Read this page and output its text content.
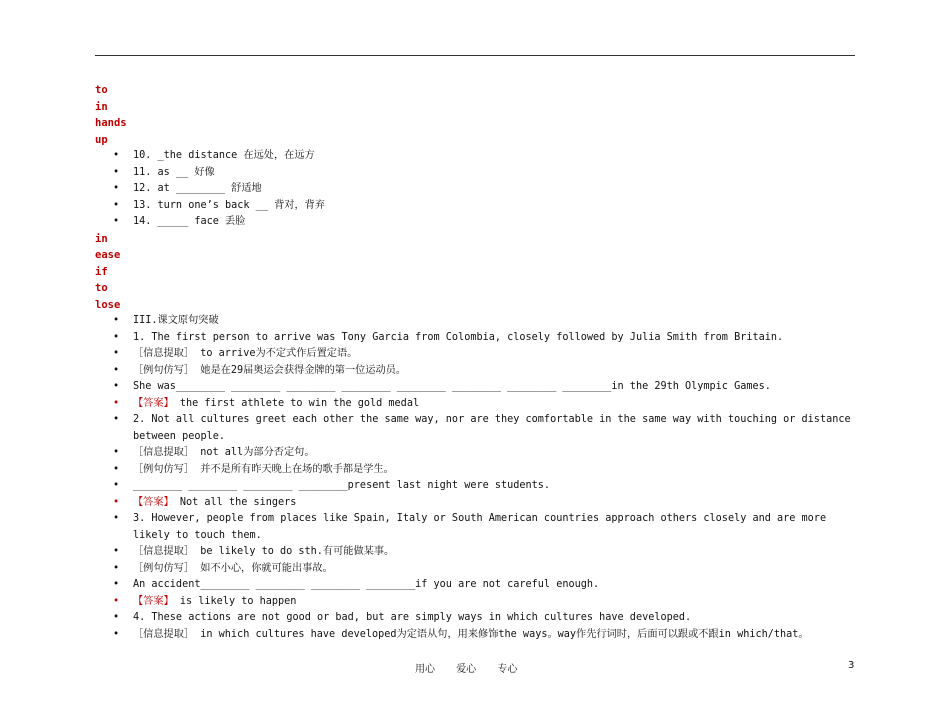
to
in
hands
up
• 10. _the distance 在远处，在远方
• 11. as __ 好像
• 12. at ________ 舒适地
• 13. turn one’s back __ 背对，背弃
• 14. _____ face 丢脸
in
ease
if
to
lose
• III.课文原句突破
• 1. The first person to arrive was Tony Garcia from Colombia, closely followed by Julia Smith from Britain.
• ［信息提取］ to arrive为不定式作后置定语。
• ［例句仿写］ 她是在29届奥运会获得金牌的第一位运动员。
• She was________ ________ ________ ________ ________ ________ ________ ________in the 29th Olympic Games.
• 【答案】 the first athlete to win the gold medal
• 2. Not all cultures greet each other the same way, nor are they comfortable in the same way with touching or distance between people.
• ［信息提取］ not all为部分否定句。
• ［例句仿写］ 并不是所有昨天晚上在场的歌手都是学生。
• ________ ________ ________ ________present last night were students.
• 【答案】 Not all the singers
• 3. However, people from places like Spain, Italy or South American countries approach others closely and are more likely to touch them.
• ［信息提取］ be likely to do sth.有可能做某事。
• ［例句仿写］ 如不小心，你就可能出事故。
• An accident________ ________ ________ ________if you are not careful enough.
• 【答案】 is likely to happen
• 4. These actions are not good or bad, but are simply ways in which cultures have developed.
• ［信息提取］ in which cultures have developed为定语从句，用来修饰the ways。way作先行词时，后面可以跟或不跟in which/that。
用心 爱心 专心	3
